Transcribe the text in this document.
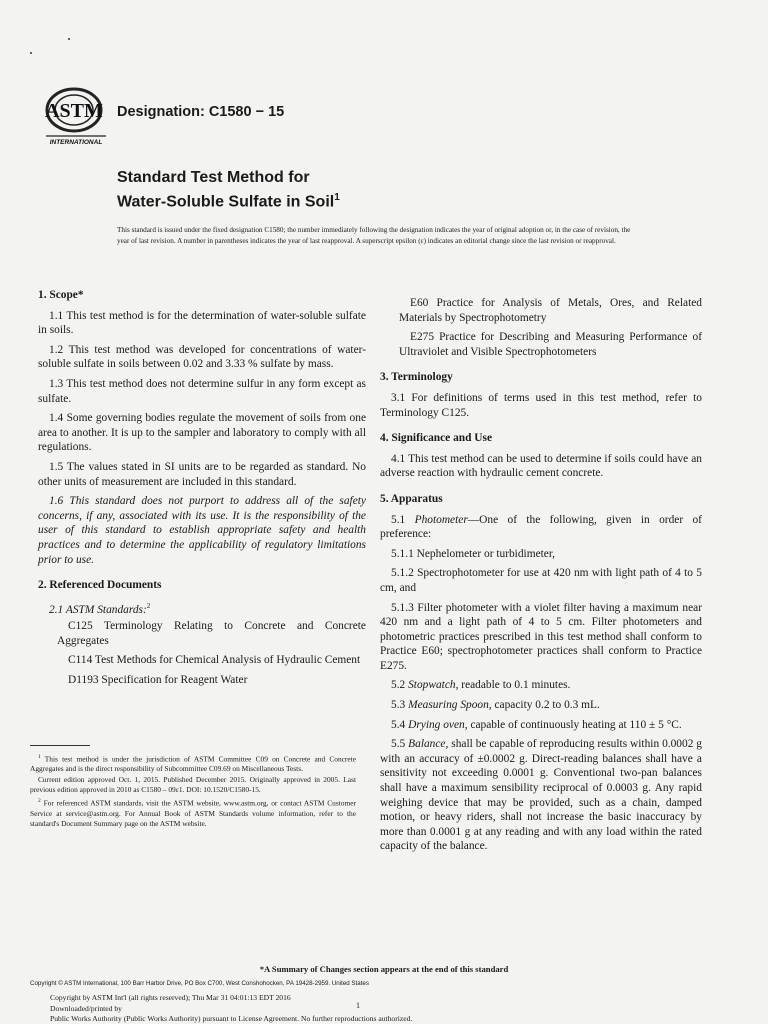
ASTM
INTERNATIONAL
Designation: C1580 − 15
Standard Test Method for
Water-Soluble Sulfate in Soil$^1$
This standard is issued under the fixed designation C1580; the number immediately following the designation indicates the year of original adoption or, in the case of revision, the year of last revision. A number in parentheses indicates the year of last reapproval. A superscript epsilon (ε) indicates an editorial change since the last revision or reapproval.
1. Scope*

1.1 This test method is for the determination of water-soluble sulfate in soils.

1.2 This test method was developed for concentrations of water-soluble sulfate in soils between 0.02 and 3.33 % sulfate by mass.

1.3 This test method does not determine sulfur in any form except as sulfate.

1.4 Some governing bodies regulate the movement of soils from one area to another. It is up to the sampler and laboratory to comply with all regulations.

1.5 The values stated in SI units are to be regarded as standard. No other units of measurement are included in this standard.

1.6 This standard does not purport to address all of the safety concerns, if any, associated with its use. It is the responsibility of the user of this standard to establish appropriate safety and health practices and to determine the applicability of regulatory limitations prior to use.

2. Referenced Documents

2.1 ASTM Standards:$^2$

C125 Terminology Relating to Concrete and Concrete Aggregates

C114 Test Methods for Chemical Analysis of Hydraulic Cement

D1193 Specification for Reagent Water

E60 Practice for Analysis of Metals, Ores, and Related Materials by Spectrophotometry

E275 Practice for Describing and Measuring Performance of Ultraviolet and Visible Spectrophotometers

3. Terminology

3.1 For definitions of terms used in this test method, refer to Terminology C125.

4. Significance and Use

4.1 This test method can be used to determine if soils could have an adverse reaction with hydraulic cement concrete.

5. Apparatus

5.1 Photometer—One of the following, given in order of preference:

5.1.1 Nephelometer or turbidimeter,

5.1.2 Spectrophotometer for use at 420 nm with light path of 4 to 5 cm, and

5.1.3 Filter photometer with a violet filter having a maximum near 420 nm and a light path of 4 to 5 cm. Filter photometers and photometric practices prescribed in this test method shall conform to Practice E60; spectrophotometer practices shall conform to Practice E275.

5.2 Stopwatch, readable to 0.1 minutes.

5.3 Measuring Spoon, capacity 0.2 to 0.3 mL.

5.4 Drying oven, capable of continuously heating at 110 ± 5 °C.

5.5 Balance, shall be capable of reproducing results within 0.0002 g with an accuracy of ±0.0002 g. Direct-reading balances shall have a sensitivity not exceeding 0.0001 g. Conventional two-pan balances shall have a maximum sensibility reciprocal of 0.0003 g. Any rapid weighing device that may be provided, such as a chain, damped motion, or heavy riders, shall not increase the basic inaccuracy by more than 0.0001 g at any reading and with any load within the rated capacity of the balance.

$^1$ This test method is under the jurisdiction of ASTM Committee C09 on Concrete and Concrete Aggregates and is the direct responsibility of Subcommittee C09.69 on Miscellaneous Tests.

Current edition approved Oct. 1, 2015. Published December 2015. Originally approved in 2005. Last previous edition approved in 2010 as C1580 – 09ε1. DOI: 10.1520/C1580-15.

$^2$ For referenced ASTM standards, visit the ASTM website, www.astm.org, or contact ASTM Customer Service at service@astm.org. For Annual Book of ASTM Standards volume information, refer to the standard's Document Summary page on the ASTM website.

*A Summary of Changes section appears at the end of this standard
Copyright © ASTM International, 100 Barr Harbor Drive, PO Box C700, West Conshohocken, PA 19428-2959. United States
Copyright by ASTM Int'l (all rights reserved); Thu Mar 31 04:01:13 EDT 2016
1
Downloaded/printed by
Public Works Authority (Public Works Authority) pursuant to License Agreement. No further reproductions authorized.
